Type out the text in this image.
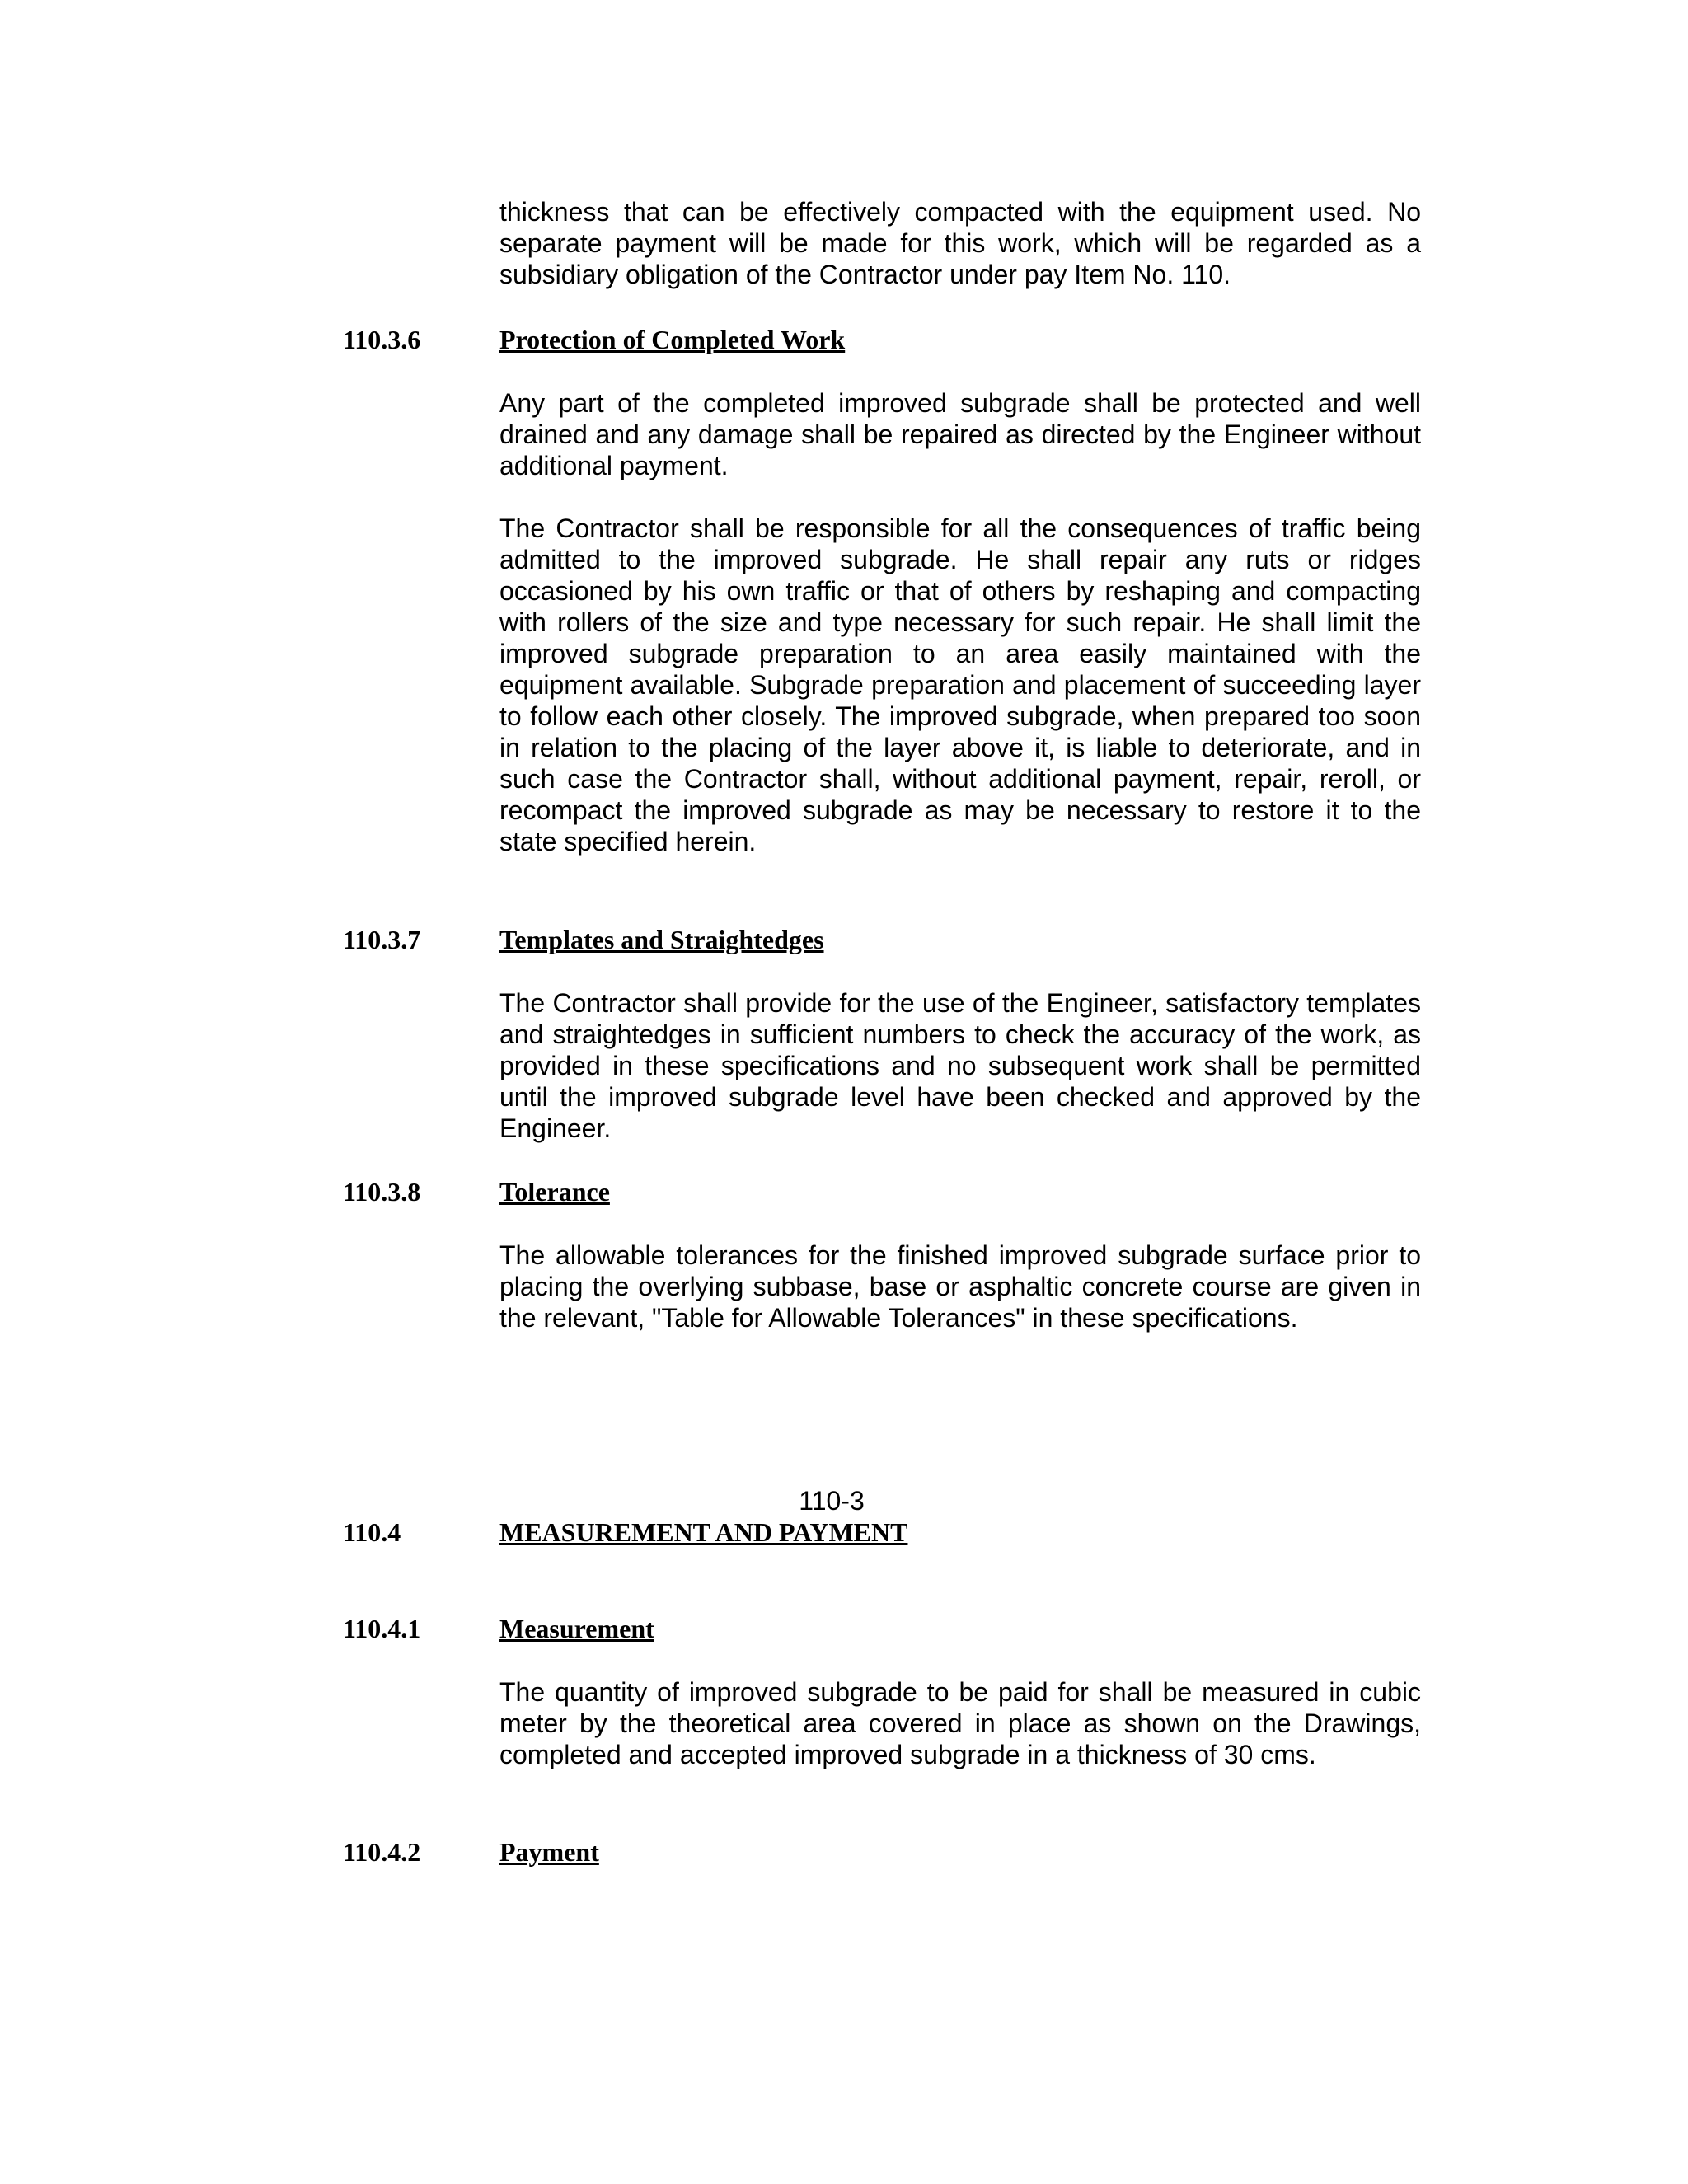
thickness that can be effectively compacted with the equipment used. No separate payment will be made for this work, which will be regarded as a subsidiary obligation of the Contractor under pay Item No. 110.

110.3.6	Protection of Completed Work

Any part of the completed improved subgrade shall be protected and well drained and any damage shall be repaired as directed by the Engineer without additional payment.

The Contractor shall be responsible for all the consequences of traffic being admitted to the improved subgrade. He shall repair any ruts or ridges occasioned by his own traffic or that of others by reshaping and compacting with rollers of the size and type necessary for such repair. He shall limit the improved subgrade preparation to an area easily maintained with the equipment available. Subgrade preparation and placement of succeeding layer to follow each other closely. The improved subgrade, when prepared too soon in relation to the placing of the layer above it, is liable to deteriorate, and in such case the Contractor shall, without additional payment, repair, reroll, or recompact the improved subgrade as may be necessary to restore it to the state specified herein.

110.3.7	Templates and Straightedges

The Contractor shall provide for the use of the Engineer, satisfactory templates and straightedges in sufficient numbers to check the accuracy of the work, as provided in these specifications and no subsequent work shall be permitted until the improved subgrade level have been checked and approved by the Engineer.

110.3.8	Tolerance

The allowable tolerances for the finished improved subgrade surface prior to placing the overlying subbase, base or asphaltic concrete course are given in the relevant, "Table for Allowable Tolerances" in these specifications.

110-3
110.4	MEASUREMENT AND PAYMENT
110.4.1	Measurement

The quantity of improved subgrade to be paid for shall be measured in cubic meter by the theoretical area covered in place as shown on the Drawings, completed and accepted improved subgrade in a thickness of 30 cms.

110.4.2	Payment
